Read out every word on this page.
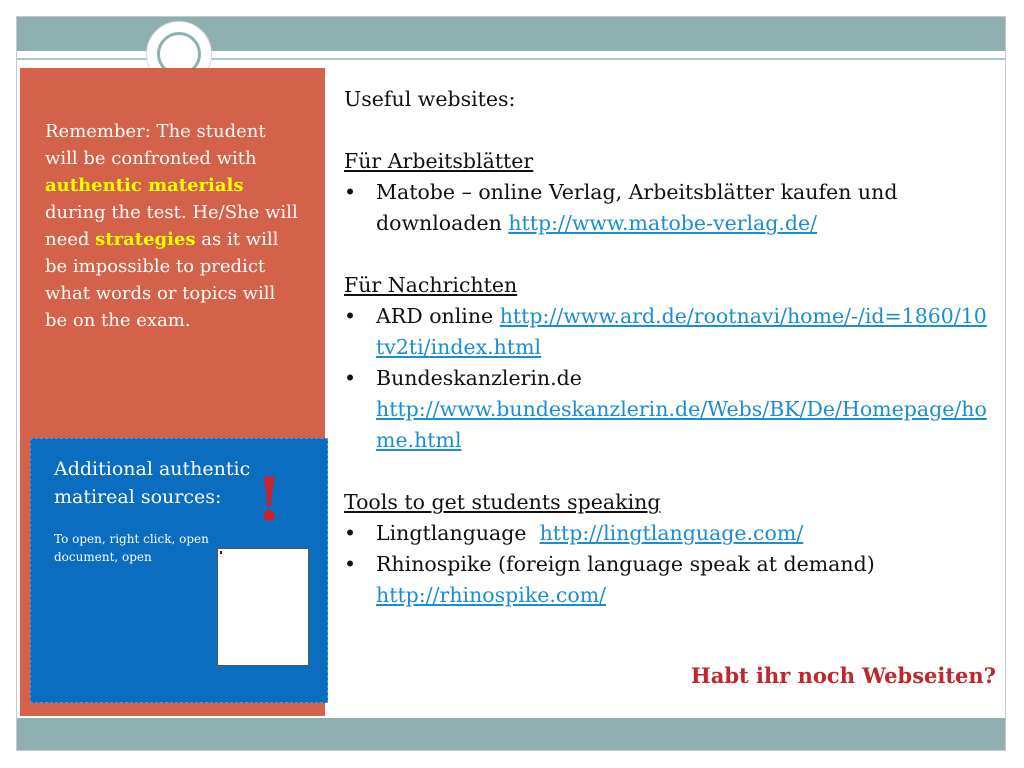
Remember: The student will be confronted with authentic materials during the test. He/She will need strategies as it will be impossible to predict what words or topics will be on the exam.
Additional authentic matireal sources:
To open, right click, open document, open
!

Useful websites:

Für Arbeitsblätter

• Matobe – online Verlag, Arbeitsblätter kaufen und downloaden http://www.matobe-verlag.de/

Für Nachrichten

• ARD online http://www.ard.de/rootnavi/home/-/id=1860/10tv2ti/index.html

• Bundeskanzlerin.de
http://www.bundeskanzlerin.de/Webs/BK/De/Homepage/home.html

Tools to get students speaking

• Lingtlanguage  http://lingtlanguage.com/

• Rhinospike (foreign language speak at demand)
http://rhinospike.com/

Habt ihr noch Webseiten?
